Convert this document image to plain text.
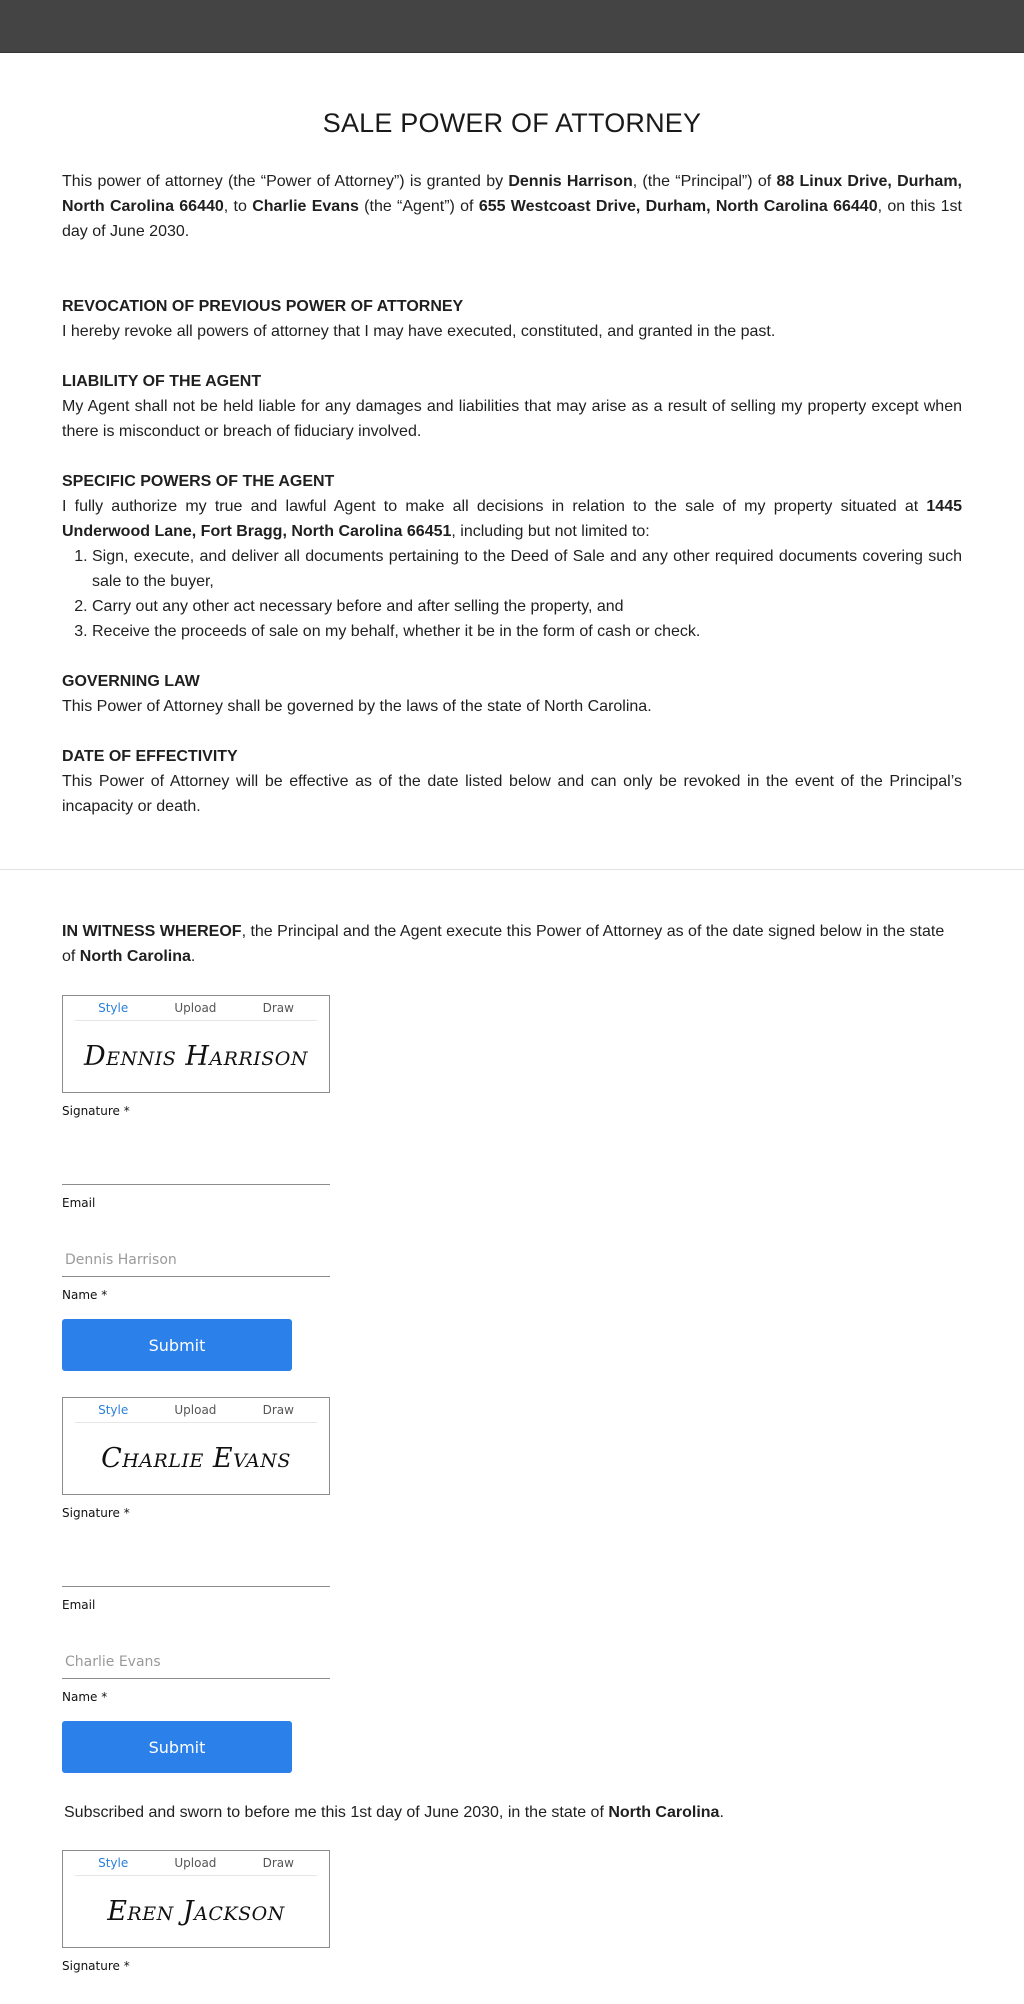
SALE POWER OF ATTORNEY

This power of attorney (the “Power of Attorney”) is granted by Dennis Harrison, (the “Principal”) of 88 Linux Drive, Durham, North Carolina 66440, to Charlie Evans (the “Agent”) of 655 Westcoast Drive, Durham, North Carolina 66440, on this 1st day of June 2030.

REVOCATION OF PREVIOUS POWER OF ATTORNEY

I hereby revoke all powers of attorney that I may have executed, constituted, and granted in the past.

LIABILITY OF THE AGENT

My Agent shall not be held liable for any damages and liabilities that may arise as a result of selling my property except when there is misconduct or breach of fiduciary involved.

SPECIFIC POWERS OF THE AGENT

I fully authorize my true and lawful Agent to make all decisions in relation to the sale of my property situated at 1445 Underwood Lane, Fort Bragg, North Carolina 66451, including but not limited to:

1. Sign, execute, and deliver all documents pertaining to the Deed of Sale and any other required documents covering such sale to the buyer,
2. Carry out any other act necessary before and after selling the property, and
3. Receive the proceeds of sale on my behalf, whether it be in the form of cash or check.

GOVERNING LAW

This Power of Attorney shall be governed by the laws of the state of North Carolina.

DATE OF EFFECTIVITY

This Power of Attorney will be effective as of the date listed below and can only be revoked in the event of the Principal’s incapacity or death.

IN WITNESS WHEREOF, the Principal and the Agent execute this Power of Attorney as of the date signed below in the state of North Carolina.

Style	Upload	Draw
Dennis Harrison
Signature *
Email
Dennis Harrison
Name *
Submit
Style	Upload	Draw
Charlie Evans
Signature *
Email
Charlie Evans
Name *
Submit

Subscribed and sworn to before me this 1st day of June 2030, in the state of North Carolina.

Style	Upload	Draw
Eren Jackson
Signature *
